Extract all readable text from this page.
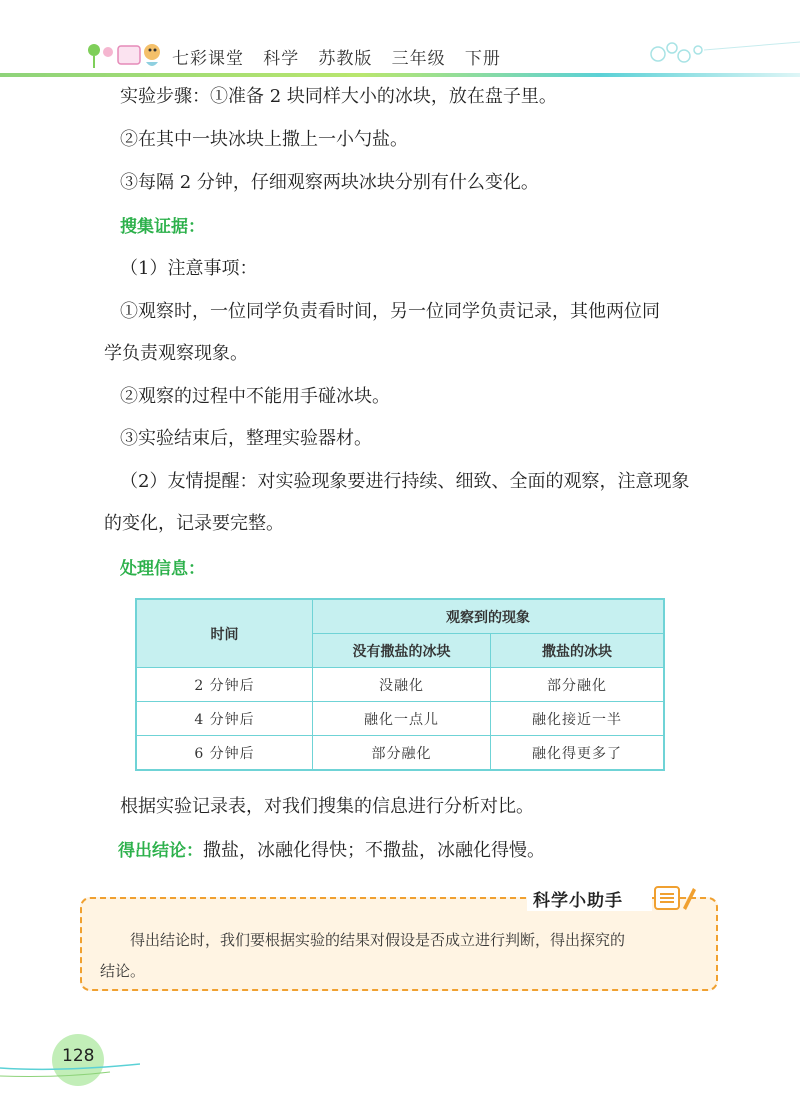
七彩课堂   科学   苏教版   三年级   下册
实验步骤：①准备 2 块同样大小的冰块，放在盘子里。
②在其中一块冰块上撒上一小勺盐。
③每隔 2 分钟，仔细观察两块冰块分别有什么变化。
搜集证据：
（1）注意事项：
①观察时，一位同学负责看时间，另一位同学负责记录，其他两位同
学负责观察现象。
②观察的过程中不能用手碰冰块。
③实验结束后，整理实验器材。
（2）友情提醒：对实验现象要进行持续、细致、全面的观察，注意现象
的变化，记录要完整。
处理信息：
时间	观察到的现象	
	没有撒盐的冰块	撒盐的冰块
2 分钟后	没融化	部分融化
4 分钟后	融化一点儿	融化接近一半
6 分钟后	部分融化	融化得更多了
根据实验记录表，对我们搜集的信息进行分析对比。
得出结论：撒盐，冰融化得快；不撒盐，冰融化得慢。
科学小助手
得出结论时，我们要根据实验的结果对假设是否成立进行判断，得出探究的
结论。
128
